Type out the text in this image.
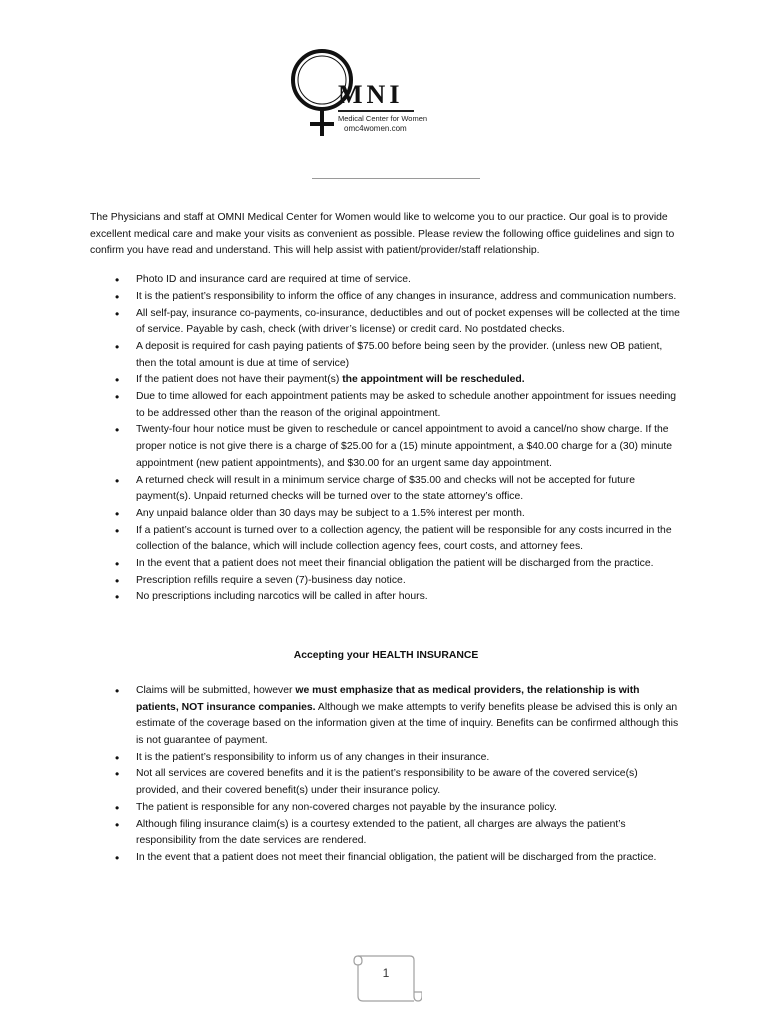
MNI
Medical Center for Women
omc4women.com

The Physicians and staff at OMNI Medical Center for Women would like to welcome you to our practice. Our goal is to provide excellent medical care and make your visits as convenient as possible. Please review the following office guidelines and sign to confirm you have read and understand. This will help assist with patient/provider/staff relationship.

• Photo ID and insurance card are required at time of service.
• It is the patient’s responsibility to inform the office of any changes in insurance, address and communication numbers.
• All self-pay, insurance co-payments, co-insurance, deductibles and out of pocket expenses will be collected at the time of service. Payable by cash, check (with driver’s license) or credit card. No postdated checks.
• A deposit is required for cash paying patients of $75.00 before being seen by the provider. (unless new OB patient, then the total amount is due at time of service)
• If the patient does not have their payment(s) the appointment will be rescheduled.
• Due to time allowed for each appointment patients may be asked to schedule another appointment for issues needing to be addressed other than the reason of the original appointment.
• Twenty-four hour notice must be given to reschedule or cancel appointment to avoid a cancel/no show charge. If the proper notice is not give there is a charge of $25.00 for a (15) minute appointment, a $40.00 charge for a (30) minute appointment (new patient appointments), and $30.00 for an urgent same day appointment.
• A returned check will result in a minimum service charge of $35.00 and checks will not be accepted for future payment(s). Unpaid returned checks will be turned over to the state attorney’s office.
• Any unpaid balance older than 30 days may be subject to a 1.5% interest per month.
• If a patient’s account is turned over to a collection agency, the patient will be responsible for any costs incurred in the collection of the balance, which will include collection agency fees, court costs, and attorney fees.
• In the event that a patient does not meet their financial obligation the patient will be discharged from the practice.
• Prescription refills require a seven (7)-business day notice.
• No prescriptions including narcotics will be called in after hours.
Accepting your HEALTH INSURANCE
• Claims will be submitted, however we must emphasize that as medical providers, the relationship is with patients, NOT insurance companies. Although we make attempts to verify benefits please be advised this is only an estimate of the coverage based on the information given at the time of inquiry. Benefits can be confirmed although this is not guarantee of payment.
• It is the patient’s responsibility to inform us of any changes in their insurance.
• Not all services are covered benefits and it is the patient’s responsibility to be aware of the covered service(s) provided, and their covered benefit(s) under their insurance policy.
• The patient is responsible for any non-covered charges not payable by the insurance policy.
• Although filing insurance claim(s) is a courtesy extended to the patient, all charges are always the patient’s responsibility from the date services are rendered.
• In the event that a patient does not meet their financial obligation, the patient will be discharged from the practice.
1
